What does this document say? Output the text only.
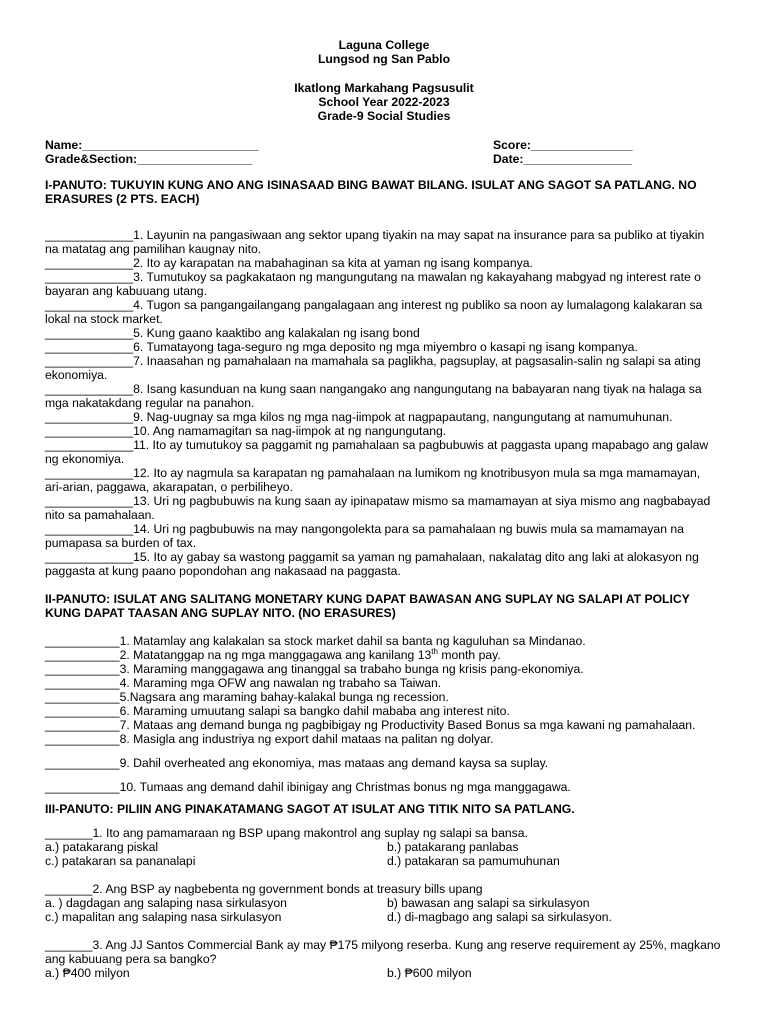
Laguna College
Lungsod ng San Pablo
Ikatlong Markahang Pagsusulit
School Year 2022-2023
Grade-9 Social Studies
Name:__________________________
Grade&Section:_________________
Score:_______________
Date:________________

I-PANUTO: TUKUYIN KUNG ANO ANG ISINASAAD BING BAWAT BILANG. ISULAT ANG SAGOT SA PATLANG. NO ERASURES (2 PTS. EACH)

_____________1. Layunin na pangasiwaan ang sektor upang tiyakin na may sapat na insurance para sa publiko at tiyakin na matatag ang pamilihan kaugnay nito.

_____________2. Ito ay karapatan na mabahaginan sa kita at yaman ng isang kompanya.

_____________3. Tumutukoy sa pagkakataon ng mangungutang na mawalan ng kakayahang mabgyad ng interest rate o bayaran ang kabuuang utang.

_____________4. Tugon sa pangangailangang pangalagaan ang interest ng publiko sa noon ay lumalagong kalakaran sa lokal na stock market.

_____________5. Kung gaano kaaktibo ang kalakalan ng isang bond

_____________6. Tumatayong taga-seguro ng mga deposito ng mga miyembro o kasapi ng isang kompanya.

_____________7. Inaasahan ng pamahalaan na mamahala sa paglikha, pagsuplay, at pagsasalin-salin ng salapi sa ating ekonomiya.

_____________8. Isang kasunduan na kung saan nangangako ang nangungutang na babayaran nang tiyak na halaga sa mga nakatakdang regular na panahon.

_____________9. Nag-uugnay sa mga kilos ng mga nag-iimpok at nagpapautang, nangungutang at namumuhunan.

_____________10. Ang namamagitan sa nag-iimpok at ng nangungutang.

_____________11. Ito ay tumutukoy sa paggamit ng pamahalaan sa pagbubuwis at paggasta upang mapabago ang galaw ng ekonomiya.

_____________12. Ito ay nagmula sa karapatan ng pamahalaan na lumikom ng knotribusyon mula sa mga mamamayan, ari-arian, paggawa, akarapatan, o perbiliheyo.

_____________13. Uri ng pagbubuwis na kung saan ay ipinapataw mismo sa mamamayan at siya mismo ang nagbabayad nito sa pamahalaan.

_____________14. Uri ng pagbubuwis na may nangongolekta para sa pamahalaan ng buwis mula sa mamamayan na pumapasa sa burden of tax.

_____________15. Ito ay gabay sa wastong paggamit sa yaman ng pamahalaan, nakalatag dito ang laki at alokasyon ng paggasta at kung paano popondohan ang nakasaad na paggasta.

II-PANUTO: ISULAT ANG SALITANG MONETARY KUNG DAPAT BAWASAN ANG SUPLAY NG SALAPI AT POLICY KUNG DAPAT TAASAN ANG SUPLAY NITO. (NO ERASURES)

___________1. Matamlay ang kalakalan sa stock market dahil sa banta ng kaguluhan sa Mindanao.

___________2. Matatanggap na ng mga manggagawa ang kanilang 13th month pay.

___________3. Maraming manggagawa ang tinanggal sa trabaho bunga ng krisis pang-ekonomiya.

___________4. Maraming mga OFW ang nawalan ng trabaho sa Taiwan.

___________5.Nagsara ang maraming bahay-kalakal bunga ng recession.

___________6. Maraming umuutang salapi sa bangko dahil mababa ang interest nito.

___________7. Mataas ang demand bunga ng pagbibigay ng Productivity Based Bonus sa mga kawani ng pamahalaan.

___________8. Masigla ang industriya ng export dahil mataas na palitan ng dolyar.

___________9. Dahil overheated ang ekonomiya, mas mataas ang demand kaysa sa suplay.

___________10. Tumaas ang demand dahil ibinigay ang Christmas bonus ng mga manggagawa.

III-PANUTO: PILIIN ANG PINAKATAMANG SAGOT AT ISULAT ANG TITIK NITO SA PATLANG.

_______1. Ito ang pamamaraan ng BSP upang makontrol ang suplay ng salapi sa bansa.

a.) patakarang piskal	b.) patakarang panlabas
c.) patakaran sa pananalapi	d.) patakaran sa pamumuhunan

_______2. Ang BSP ay nagbebenta ng government bonds at treasury bills upang

a. ) dagdagan ang salaping nasa sirkulasyon	b) bawasan ang salapi sa sirkulasyon
c.) mapalitan ang salaping nasa sirkulasyon	d.) di-magbago ang salapi sa sirkulasyon.

_______3. Ang JJ Santos Commercial Bank ay may ₱175 milyong reserba. Kung ang reserve requirement ay 25%, magkano ang kabuuang pera sa bangko?

a.) ₱400 milyon	b.) ₱600 milyon
